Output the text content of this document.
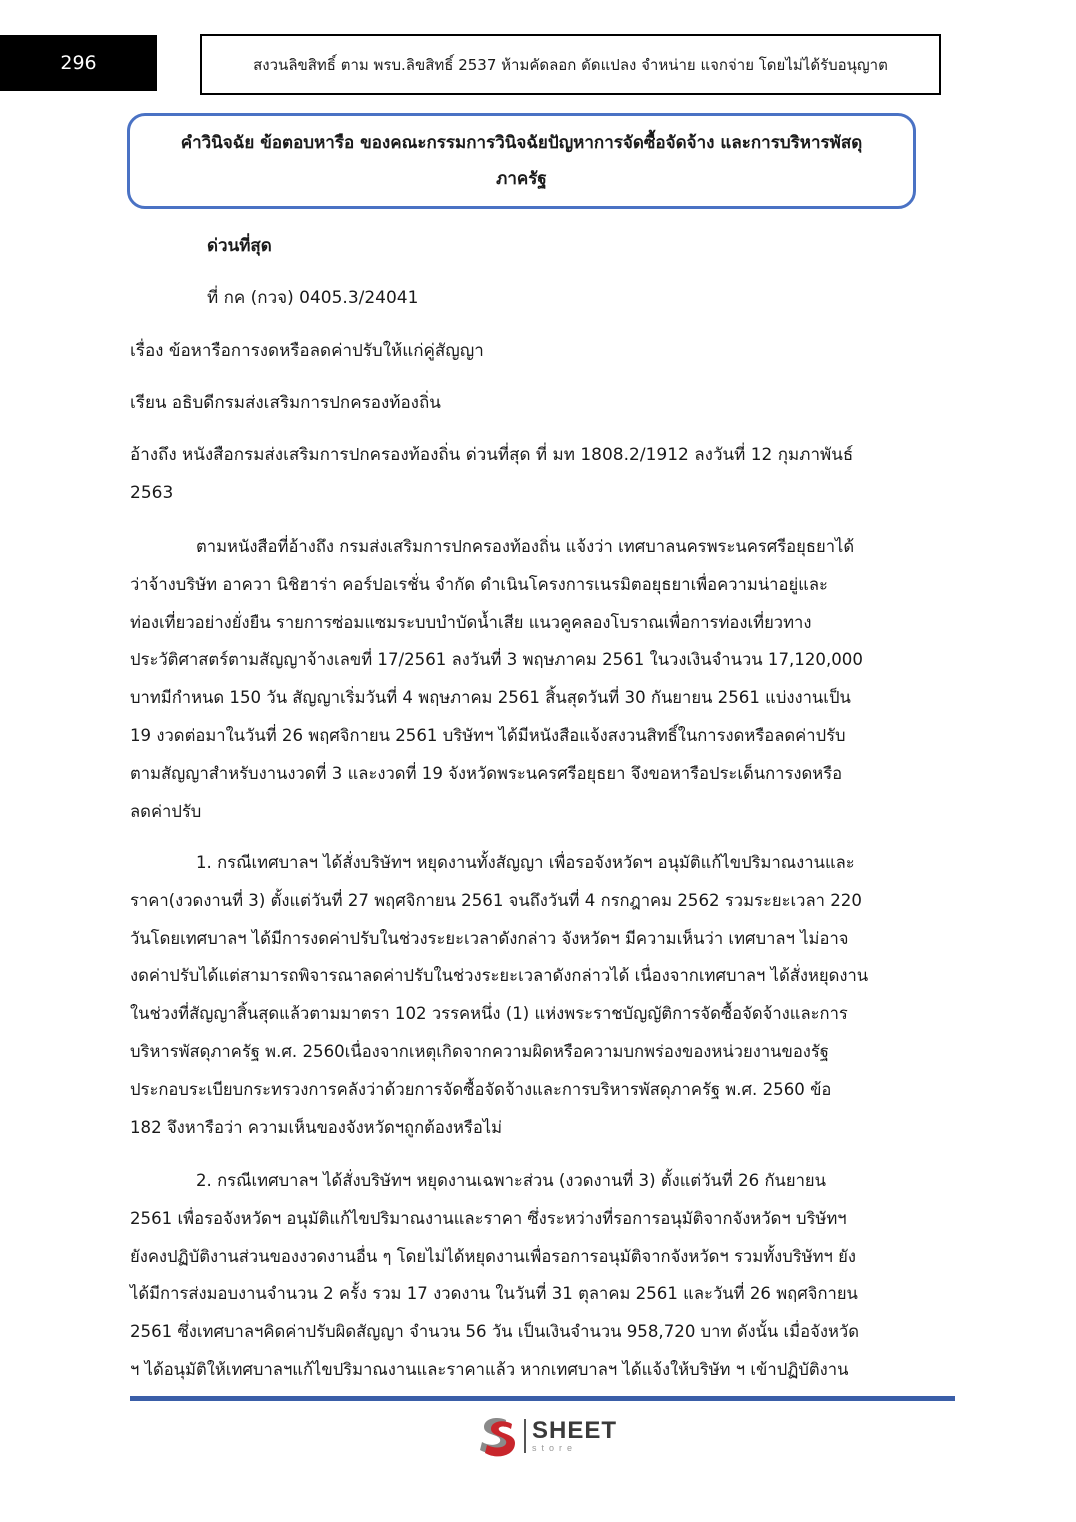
296	สงวนลิขสิทธิ์ ตาม พรบ.ลิขสิทธิ์ 2537 ห้ามคัดลอก ดัดแปลง จำหน่าย แจกจ่าย โดยไม่ได้รับอนุญาต
คำวินิจฉัย ข้อตอบหารือ ของคณะกรรมการวินิจฉัยปัญหาการจัดซื้อจัดจ้าง และการบริหารพัสดุ
ภาครัฐ
ด่วนที่สุด
ที่ กค (กวจ) 0405.3/24041
เรื่อง ข้อหารือการงดหรือลดค่าปรับให้แก่คู่สัญญา
เรียน อธิบดีกรมส่งเสริมการปกครองท้องถิ่น
อ้างถึง หนังสือกรมส่งเสริมการปกครองท้องถิ่น ด่วนที่สุด ที่ มท 1808.2/1912 ลงวันที่ 12 กุมภาพันธ์
2563
ตามหนังสือที่อ้างถึง กรมส่งเสริมการปกครองท้องถิ่น แจ้งว่า เทศบาลนครพระนครศรีอยุธยาได้
ว่าจ้างบริษัท อาควา นิชิฮาร่า คอร์ปอเรชั่น จำกัด ดำเนินโครงการเนรมิตอยุธยาเพื่อความน่าอยู่และ
ท่องเที่ยวอย่างยั่งยืน รายการซ่อมแซมระบบบำบัดน้ำเสีย แนวคูคลองโบราณเพื่อการท่องเที่ยวทาง
ประวัติศาสตร์ตามสัญญาจ้างเลขที่ 17/2561 ลงวันที่ 3 พฤษภาคม 2561 ในวงเงินจำนวน 17,120,000
บาทมีกำหนด 150 วัน สัญญาเริ่มวันที่ 4 พฤษภาคม 2561 สิ้นสุดวันที่ 30 กันยายน 2561 แบ่งงานเป็น
19 งวดต่อมาในวันที่ 26 พฤศจิกายน 2561 บริษัทฯ ได้มีหนังสือแจ้งสงวนสิทธิ์ในการงดหรือลดค่าปรับ
ตามสัญญาสำหรับงานงวดที่ 3 และงวดที่ 19 จังหวัดพระนครศรีอยุธยา จึงขอหารือประเด็นการงดหรือ
ลดค่าปรับ
1. กรณีเทศบาลฯ ได้สั่งบริษัทฯ หยุดงานทั้งสัญญา เพื่อรอจังหวัดฯ อนุมัติแก้ไขปริมาณงานและ
ราคา(งวดงานที่ 3) ตั้งแต่วันที่ 27 พฤศจิกายน 2561 จนถึงวันที่ 4 กรกฎาคม 2562 รวมระยะเวลา 220
วันโดยเทศบาลฯ ได้มีการงดค่าปรับในช่วงระยะเวลาดังกล่าว จังหวัดฯ มีความเห็นว่า เทศบาลฯ ไม่อาจ
งดค่าปรับได้แต่สามารถพิจารณาลดค่าปรับในช่วงระยะเวลาดังกล่าวได้ เนื่องจากเทศบาลฯ ได้สั่งหยุดงาน
ในช่วงที่สัญญาสิ้นสุดแล้วตามมาตรา 102 วรรคหนึ่ง (1) แห่งพระราชบัญญัติการจัดซื้อจัดจ้างและการ
บริหารพัสดุภาครัฐ พ.ศ. 2560เนื่องจากเหตุเกิดจากความผิดหรือความบกพร่องของหน่วยงานของรัฐ
ประกอบระเบียบกระทรวงการคลังว่าด้วยการจัดซื้อจัดจ้างและการบริหารพัสดุภาครัฐ พ.ศ. 2560 ข้อ
182 จึงหารือว่า ความเห็นของจังหวัดฯถูกต้องหรือไม่
2. กรณีเทศบาลฯ ได้สั่งบริษัทฯ หยุดงานเฉพาะส่วน (งวดงานที่ 3) ตั้งแต่วันที่ 26 กันยายน
2561 เพื่อรอจังหวัดฯ อนุมัติแก้ไขปริมาณงานและราคา ซึ่งระหว่างที่รอการอนุมัติจากจังหวัดฯ บริษัทฯ
ยังคงปฏิบัติงานส่วนของงวดงานอื่น ๆ โดยไม่ได้หยุดงานเพื่อรอการอนุมัติจากจังหวัดฯ รวมทั้งบริษัทฯ ยัง
ได้มีการส่งมอบงานจำนวน 2 ครั้ง รวม 17 งวดงาน ในวันที่ 31 ตุลาคม 2561 และวันที่ 26 พฤศจิกายน
2561 ซึ่งเทศบาลฯคิดค่าปรับผิดสัญญา จำนวน 56 วัน เป็นเงินจำนวน 958,720 บาท ดังนั้น เมื่อจังหวัด
ฯ ได้อนุมัติให้เทศบาลฯแก้ไขปริมาณงานและราคาแล้ว หากเทศบาลฯ ได้แจ้งให้บริษัท ฯ เข้าปฏิบัติงาน
SHEET
store
